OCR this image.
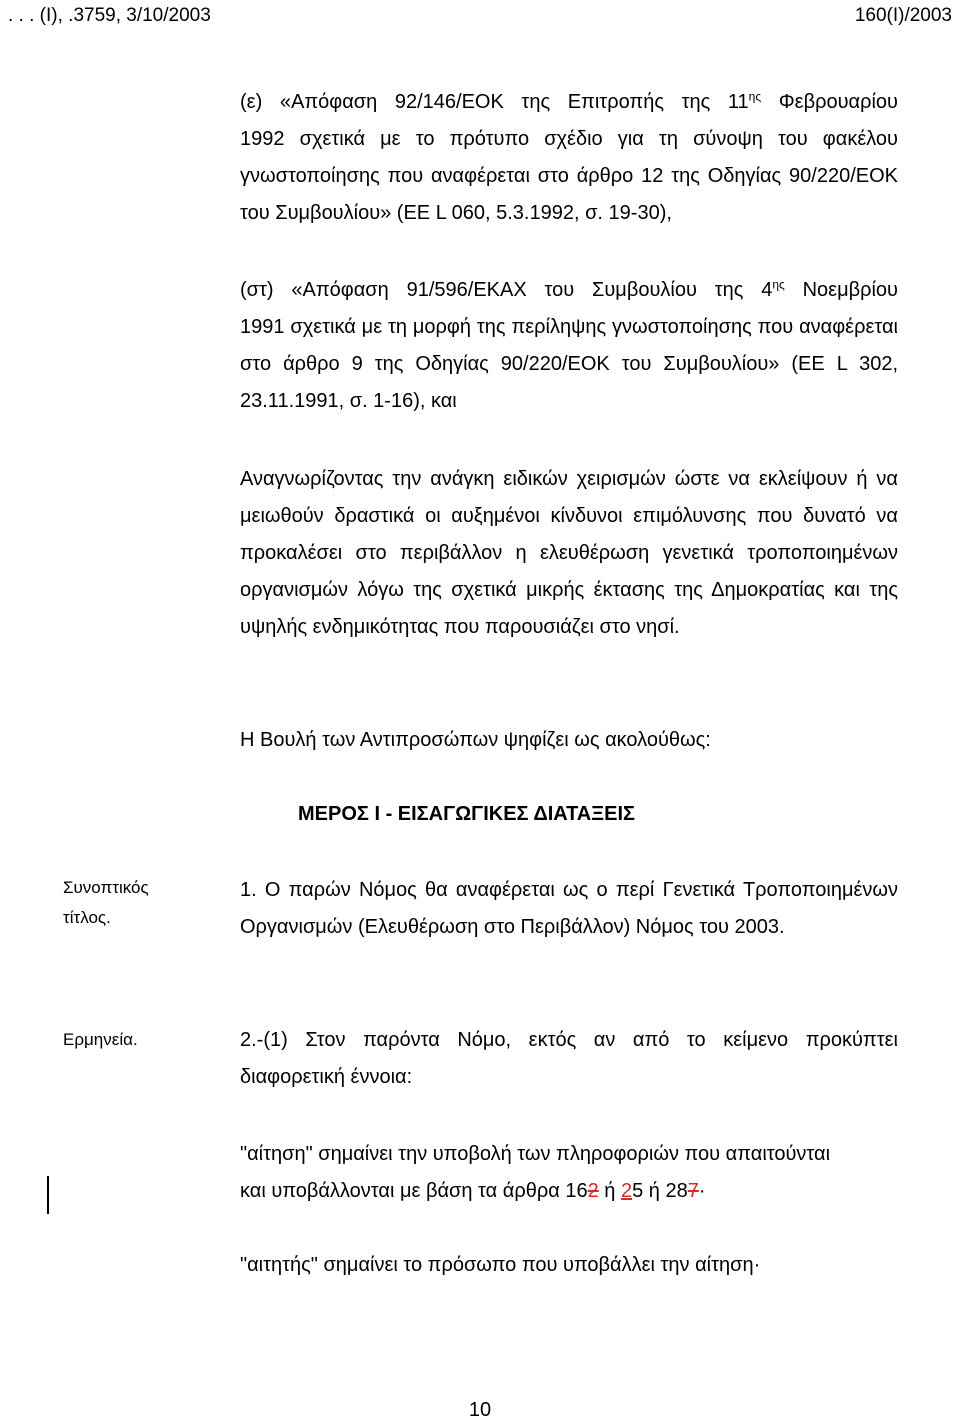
. . . (Ι), .3759, 3/10/2003	160(Ι)/2003

(ε) «Απόφαση 92/146/ΕΟΚ της Επιτροπής της $11^{\eta\varsigma}$ Φεβρουαρίου

1992 σχετικά με το πρότυπο σχέδιο για τη σύνοψη του φακέλου γνωστοποίησης που αναφέρεται στο άρθρο 12 της Οδηγίας 90/220/ΕΟΚ του Συμβουλίου» (ΕΕ L 060, 5.3.1992, σ. 19-30),

(στ) «Απόφαση 91/596/ΕΚΑΧ του Συμβουλίου της $4^{\eta\varsigma}$ Νοεμβρίου

1991 σχετικά με τη μορφή της περίληψης γνωστοποίησης που αναφέρεται στο άρθρο 9 της Οδηγίας 90/220/ΕΟΚ του Συμβουλίου» (ΕΕ L 302, 23.11.1991, σ. 1-16), και

Αναγνωρίζοντας την ανάγκη ειδικών χειρισμών ώστε να εκλείψουν ή να μειωθούν δραστικά οι αυξημένοι κίνδυνοι επιμόλυνσης που δυνατό να προκαλέσει στο περιβάλλον η ελευθέρωση γενετικά τροποποιημένων οργανισμών λόγω της σχετικά μικρής έκτασης της Δημοκρατίας και της υψηλής ενδημικότητας που παρουσιάζει στο νησί.

Η Βουλή των Αντιπροσώπων ψηφίζει ως ακολούθως:

ΜΕΡΟΣ Ι - ΕΙΣΑΓΩΓΙΚΕΣ ΔΙΑΤΑΞΕΙΣ
Συνοπτικός
τίτλος.

1. Ο παρών Νόμος θα αναφέρεται ως ο περί Γενετικά Τροποποιημένων Οργανισμών (Ελευθέρωση στο Περιβάλλον) Νόμος του 2003.

Ερμηνεία.	2.-(1) Στον παρόντα Νόμο, εκτός αν από το κείμενο προκύπτει διαφορετική έννοια:

"αίτηση" σημαίνει την υποβολή των πληροφοριών που απαιτούνται

και υποβάλλονται με βάση τα άρθρα 162 ή 25 ή 287·

"αιτητής" σημαίνει το πρόσωπο που υποβάλλει την αίτηση·

10
